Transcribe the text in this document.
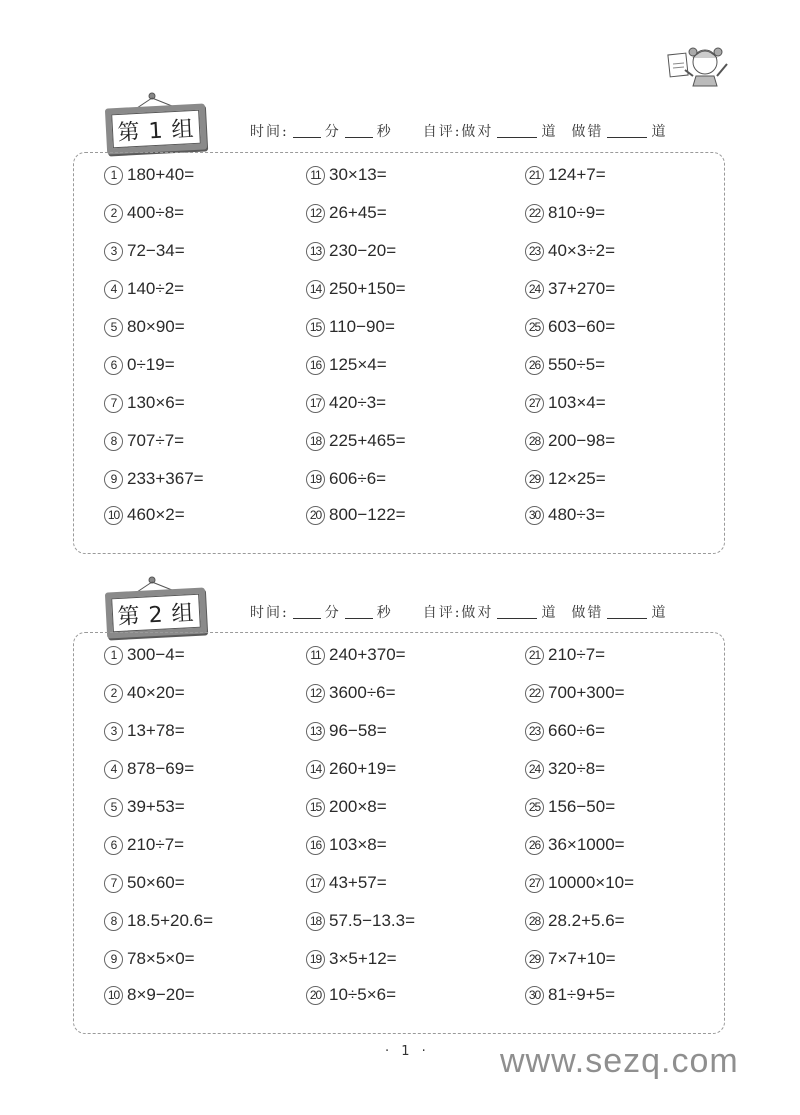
第 1 组	时间:	分	秒 自评:做对	道 做错	道
1 180+40=
2 400÷8=
3 72−34=
4 140÷2=
5 80×90=
6 0÷19=
7 130×6=
8 707÷7=
9 233+367=
10 460×2=
11 30×13=
12 26+45=
13 230−20=
14 250+150=
15 110−90=
16 125×4=
17 420÷3=
18 225+465=
19 606÷6=
20 800−122=
21 124+7=
22 810÷9=
23 40×3÷2=
24 37+270=
25 603−60=
26 550÷5=
27 103×4=
28 200−98=
29 12×25=
30 480÷3=
第 2 组	时间:	分	秒 自评:做对	道 做错	道
1 300−4=
2 40×20=
3 13+78=
4 878−69=
5 39+53=
6 210÷7=
7 50×60=
8 18.5+20.6=
9 78×5×0=
10 8×9−20=
11 240+370=
12 3600÷6=
13 96−58=
14 260+19=
15 200×8=
16 103×8=
17 43+57=
18 57.5−13.3=
19 3×5+12=
20 10÷5×6=
21 210÷7=
22 700+300=
23 660÷6=
24 320÷8=
25 156−50=
26 36×1000=
27 10000×10=
28 28.2+5.6=
29 7×7+10=
30 81÷9+5=
· 1 · www.sezq.com
